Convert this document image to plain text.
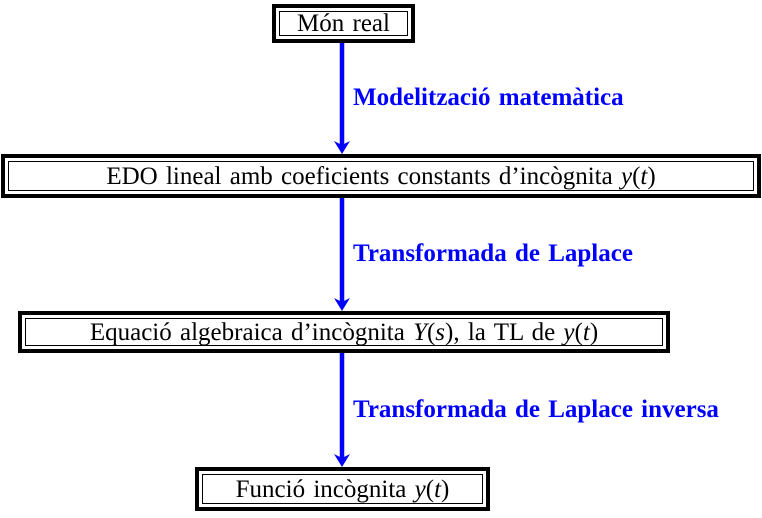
Món real
Modelització matemàtica
EDO lineal amb coeficients constants d’incògnita y ( t )
Transformada de Laplace
Equació algebraica d’incògnita Y ( s ) , la TL de y ( t )
Transformada de Laplace inversa
Funció incògnita y ( t )
